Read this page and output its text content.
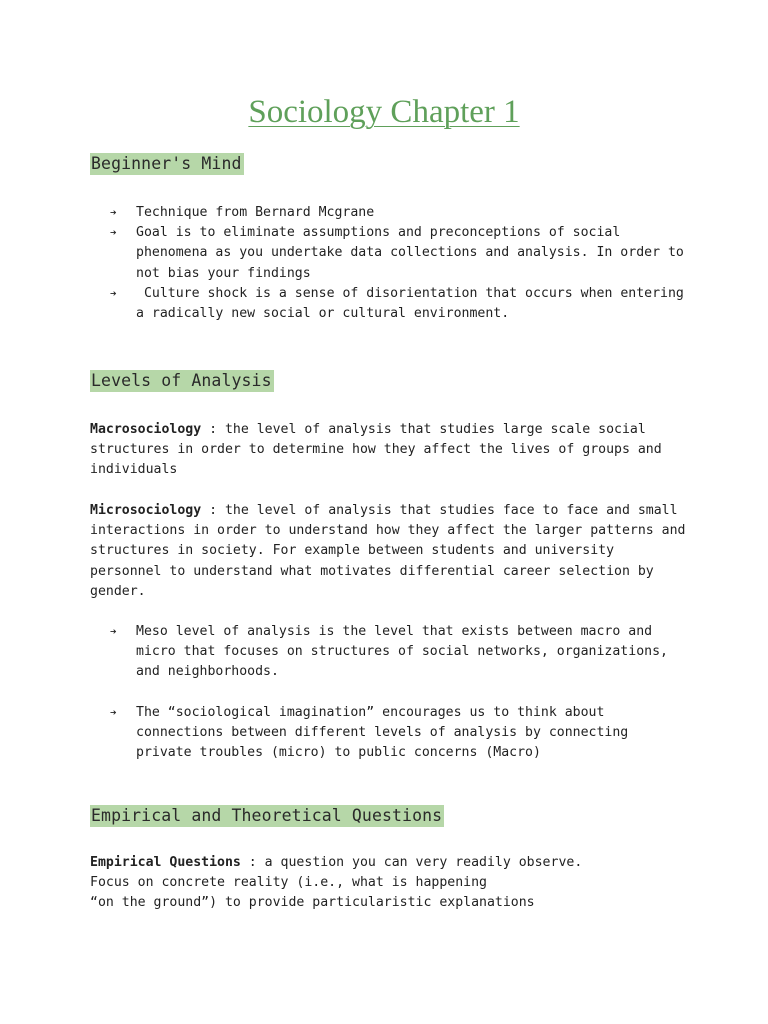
Sociology Chapter 1
Beginner's Mind
➔ Technique from Bernard Mcgrane
➔ Goal is to eliminate assumptions and preconceptions of social phenomena as you undertake data collections and analysis. In order to not bias your findings
➔ Culture shock is a sense of disorientation that occurs when entering a radically new social or cultural environment.
Levels of Analysis

Macrosociology : the level of analysis that studies large scale social structures in order to determine how they affect the lives of groups and individuals

Microsociology : the level of analysis that studies face to face and small interactions in order to understand how they affect the larger patterns and structures in society. For example between students and university personnel to understand what motivates differential career selection by gender.

➔ Meso level of analysis is the level that exists between macro and micro that focuses on structures of social networks, organizations, and neighborhoods.
➔ The “sociological imagination” encourages us to think about connections between different levels of analysis by connecting private troubles (micro) to public concerns (Macro)
Empirical and Theoretical Questions

Empirical Questions : a question you can very readily observe.
Focus on concrete reality (i.e., what is happening
“on the ground”) to provide particularistic explanations
